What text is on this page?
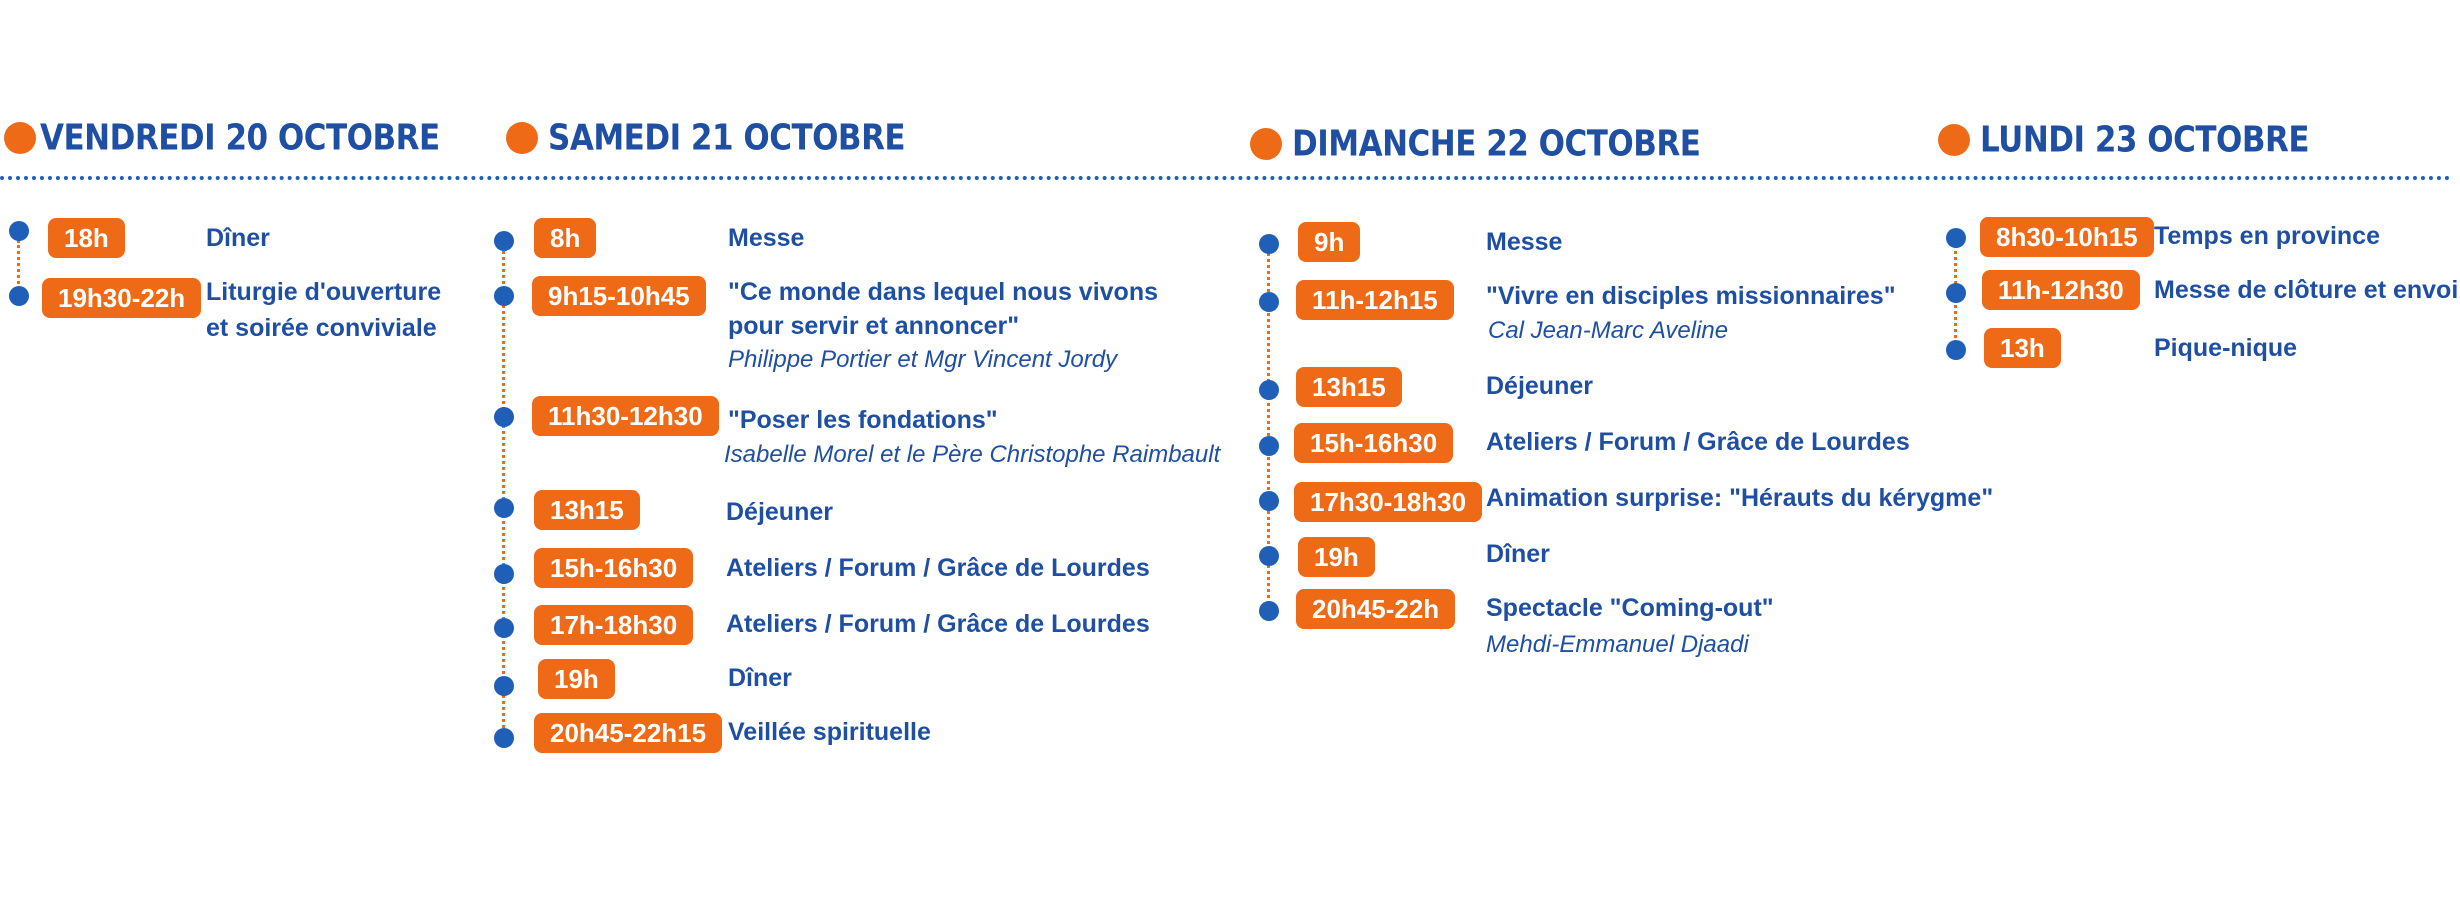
VENDREDI 20 OCTOBRE	SAMEDI 21 OCTOBRE	DIMANCHE 22 OCTOBRE	LUNDI 23 OCTOBRE
18h	Dîner
19h30-22h Liturgie d'ouverture
et soirée conviviale
8h	Messe
9h15-10h45	"Ce monde dans lequel nous vivons
pour servir et annoncer"
Philippe Portier et Mgr Vincent Jordy
11h30-12h30	"Poser les fondations"
Isabelle Morel et le Père Christophe Raimbault
13h15	Déjeuner
15h-16h30	Ateliers / Forum / Grâce de Lourdes
17h-18h30	Ateliers / Forum / Grâce de Lourdes
19h	Dîner
20h45-22h15 Veillée spirituelle
9h	Messe
11h-12h15	"Vivre en disciples missionnaires"
Cal Jean-Marc Aveline
13h15	Déjeuner
15h-16h30	Ateliers / Forum / Grâce de Lourdes
17h30-18h30 Animation surprise: "Hérauts du kérygme"
19h	Dîner
20h45-22h	Spectacle "Coming-out"
Mehdi-Emmanuel Djaadi
8h30-10h15 Temps en province
11h-12h30	Messe de clôture et envoi
13h	Pique-nique
